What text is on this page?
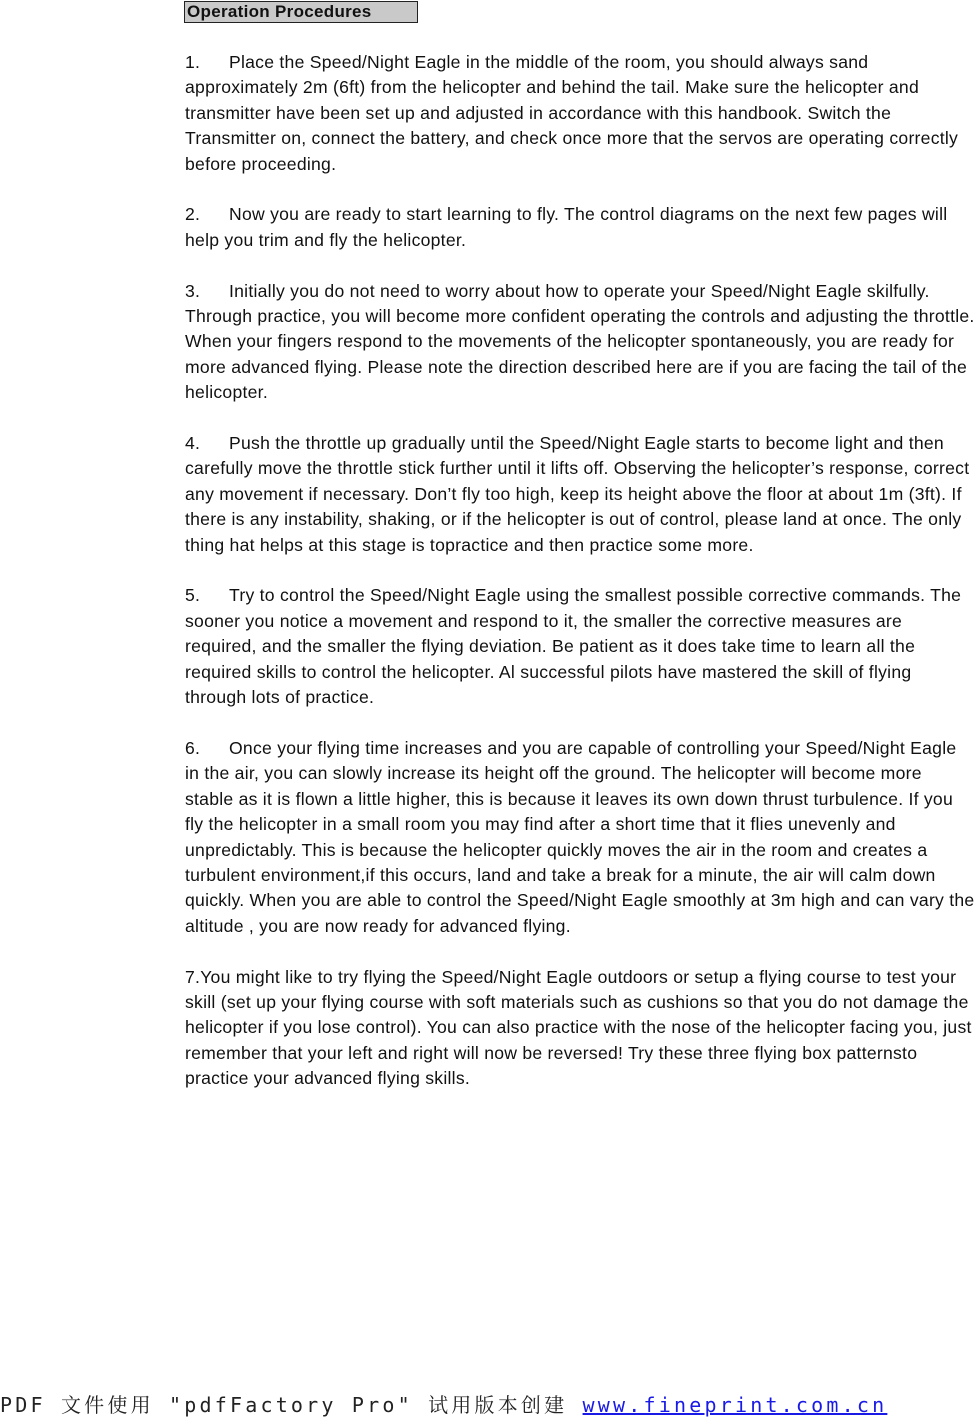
Operation Procedures

1. Place the Speed/Night Eagle in the middle of the room, you should always sand approximately 2m (6ft) from the helicopter and behind the tail. Make sure the helicopter and transmitter have been set up and adjusted in accordance with this handbook. Switch the Transmitter on, connect the battery, and check once more that the servos are operating correctly before proceeding.

2. Now you are ready to start learning to fly. The control diagrams on the next few pages will help you trim and fly the helicopter.

3. Initially you do not need to worry about how to operate your Speed/Night Eagle skilfully. Through practice, you will become more confident operating the controls and adjusting the throttle. When your fingers respond to the movements of the helicopter spontaneously, you are ready for more advanced flying. Please note the direction described here are if you are facing the tail of the helicopter.

4. Push the throttle up gradually until the Speed/Night Eagle starts to become light and then carefully move the throttle stick further until it lifts off. Observing the helicopter’s response, correct any movement if necessary. Don’t fly too high, keep its height above the floor at about 1m (3ft). If there is any instability, shaking, or if the helicopter is out of control, please land at once. The only thing hat helps at this stage is topractice and then practice some more.

5. Try to control the Speed/Night Eagle using the smallest possible corrective commands. The sooner you notice a movement and respond to it, the smaller the corrective measures are required, and the smaller the flying deviation. Be patient as it does take time to learn all the required skills to control the helicopter. Al successful pilots have mastered the skill of flying through lots of practice.

6. Once your flying time increases and you are capable of controlling your Speed/Night Eagle in the air, you can slowly increase its height off the ground. The helicopter will become more stable as it is flown a little higher, this is because it leaves its own down thrust turbulence. If you fly the helicopter in a small room you may find after a short time that it flies unevenly and unpredictably. This is because the helicopter quickly moves the air in the room and creates a turbulent environment,if this occurs, land and take a break for a minute, the air will calm down quickly. When you are able to control the Speed/Night Eagle smoothly at 3m high and can vary the altitude , you are now ready for advanced flying.

7.You might like to try flying the Speed/Night Eagle outdoors or setup a flying course to test your skill (set up your flying course with soft materials such as cushions so that you do not damage the helicopter if you lose control). You can also practice with the nose of the helicopter facing you, just remember that your left and right will now be reversed! Try these three flying box patternsto practice your advanced flying skills.

PDF 文件使用 "pdfFactory Pro" 试用版本创建 www.fineprint.com.cn
